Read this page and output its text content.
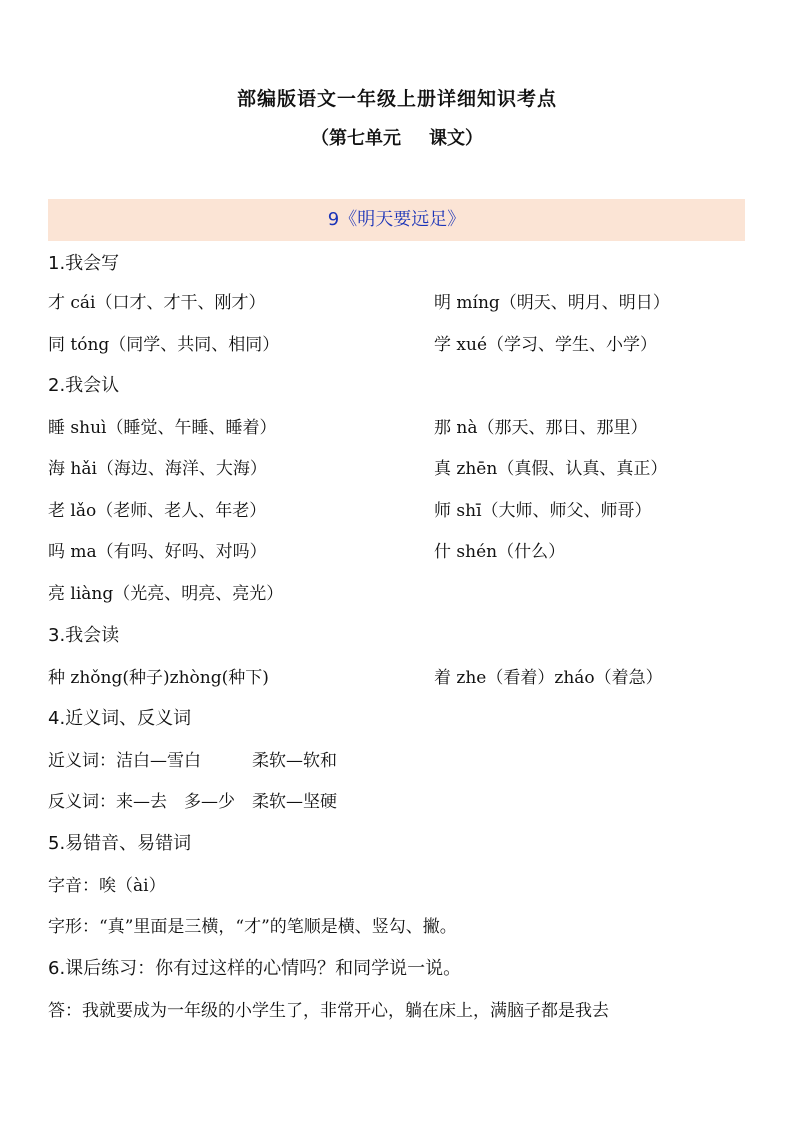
部编版语文一年级上册详细知识考点
（第七单元 课文）
9《明天要远足》
1.我会写
才 cái（口才、才干、刚才）	明 míng（明天、明月、明日）
同 tóng（同学、共同、相同）	学 xué（学习、学生、小学）
2.我会认
睡 shuì（睡觉、午睡、睡着）	那 nà（那天、那日、那里）
海 hǎi（海边、海洋、大海）	真 zhēn（真假、认真、真正）
老 lǎo（老师、老人、年老）	师 shī（大师、师父、师哥）
吗 ma（有吗、好吗、对吗）	什 shén（什么）
亮 liàng（光亮、明亮、亮光）
3.我会读
种 zhǒng(种子)zhòng(种下)	着 zhe（看着）zháo（着急）
4.近义词、反义词
近义词：洁白—雪白　　　柔软—软和
反义词：来—去　多—少　柔软—坚硬
5.易错音、易错词
字音：唉（ài）
字形：“真”里面是三横，“才”的笔顺是横、竖勾、撇。
6.课后练习：你有过这样的心情吗？和同学说一说。
答：我就要成为一年级的小学生了，非常开心，躺在床上，满脑子都是我去
